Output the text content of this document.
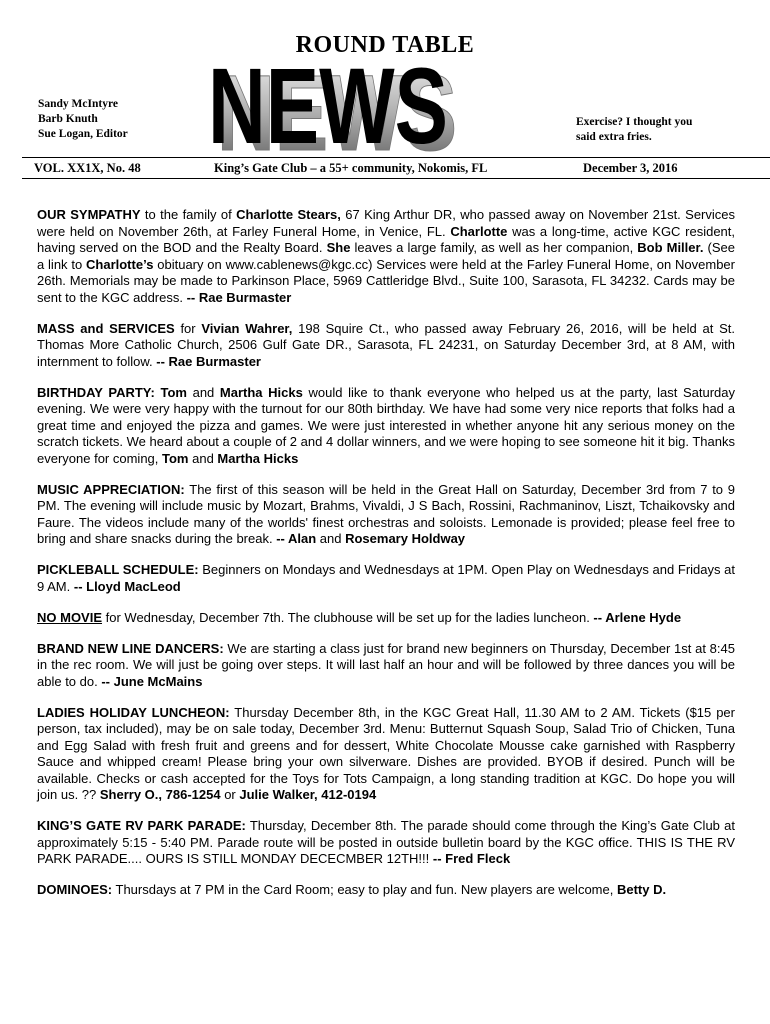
ROUND TABLE
Sandy McIntyre
Barb Knuth
Sue Logan, Editor NEWS
NEWS	Exercise? I thought you
said extra fries.
VOL. XX1X, No. 48	King’s Gate Club – a 55+ community, Nokomis, FL	December 3, 2016

OUR SYMPATHY to the family of Charlotte Stears, 67 King Arthur DR, who passed away on November 21st. Services were held on November 26th, at Farley Funeral Home, in Venice, FL. Charlotte was a long-time, active KGC resident, having served on the BOD and the Realty Board. She leaves a large family, as well as her companion, Bob Miller. (See a link to Charlotte’s obituary on www.cablenews@kgc.cc) Services were held at the Farley Funeral Home, on November 26th. Memorials may be made to Parkinson Place, 5969 Cattleridge Blvd., Suite 100, Sarasota, FL 34232. Cards may be sent to the KGC address. -- Rae Burmaster

MASS and SERVICES for Vivian Wahrer, 198 Squire Ct., who passed away February 26, 2016, will be held at St. Thomas More Catholic Church, 2506 Gulf Gate DR., Sarasota, FL 24231, on Saturday December 3rd, at 8 AM, with internment to follow. -- Rae Burmaster

BIRTHDAY PARTY: Tom and Martha Hicks would like to thank everyone who helped us at the party, last Saturday evening. We were very happy with the turnout for our 80th birthday. We have had some very nice reports that folks had a great time and enjoyed the pizza and games. We were just interested in whether anyone hit any serious money on the scratch tickets. We heard about a couple of 2 and 4 dollar winners, and we were hoping to see someone hit it big. Thanks everyone for coming, Tom and Martha Hicks

MUSIC APPRECIATION: The first of this season will be held in the Great Hall on Saturday, December 3rd from 7 to 9 PM. The evening will include music by Mozart, Brahms, Vivaldi, J S Bach, Rossini, Rachmaninov, Liszt, Tchaikovsky and Faure. The videos include many of the worlds' finest orchestras and soloists. Lemonade is provided; please feel free to bring and share snacks during the break. -- Alan and Rosemary Holdway

PICKLEBALL SCHEDULE: Beginners on Mondays and Wednesdays at 1PM. Open Play on Wednesdays and Fridays at 9 AM. -- Lloyd MacLeod

NO MOVIE for Wednesday, December 7th. The clubhouse will be set up for the ladies luncheon. -- Arlene Hyde

BRAND NEW LINE DANCERS: We are starting a class just for brand new beginners on Thursday, December 1st at 8:45 in the rec room. We will just be going over steps. It will last half an hour and will be followed by three dances you will be able to do. -- June McMains

LADIES HOLIDAY LUNCHEON: Thursday December 8th, in the KGC Great Hall, 11.30 AM to 2 AM. Tickets ($15 per person, tax included), may be on sale today, December 3rd. Menu: Butternut Squash Soup, Salad Trio of Chicken, Tuna and Egg Salad with fresh fruit and greens and for dessert, White Chocolate Mousse cake garnished with Raspberry Sauce and whipped cream! Please bring your own silverware. Dishes are provided. BYOB if desired. Punch will be available. Checks or cash accepted for the Toys for Tots Campaign, a long standing tradition at KGC. Do hope you will join us. ?? Sherry O., 786-1254 or Julie Walker, 412-0194

KING’S GATE RV PARK PARADE: Thursday, December 8th. The parade should come through the King’s Gate Club at approximately 5:15 - 5:40 PM. Parade route will be posted in outside bulletin board by the KGC office. THIS IS THE RV PARK PARADE.... OURS IS STILL MONDAY DECECMBER 12TH!!! -- Fred Fleck

DOMINOES: Thursdays at 7 PM in the Card Room; easy to play and fun. New players are welcome, Betty D.
